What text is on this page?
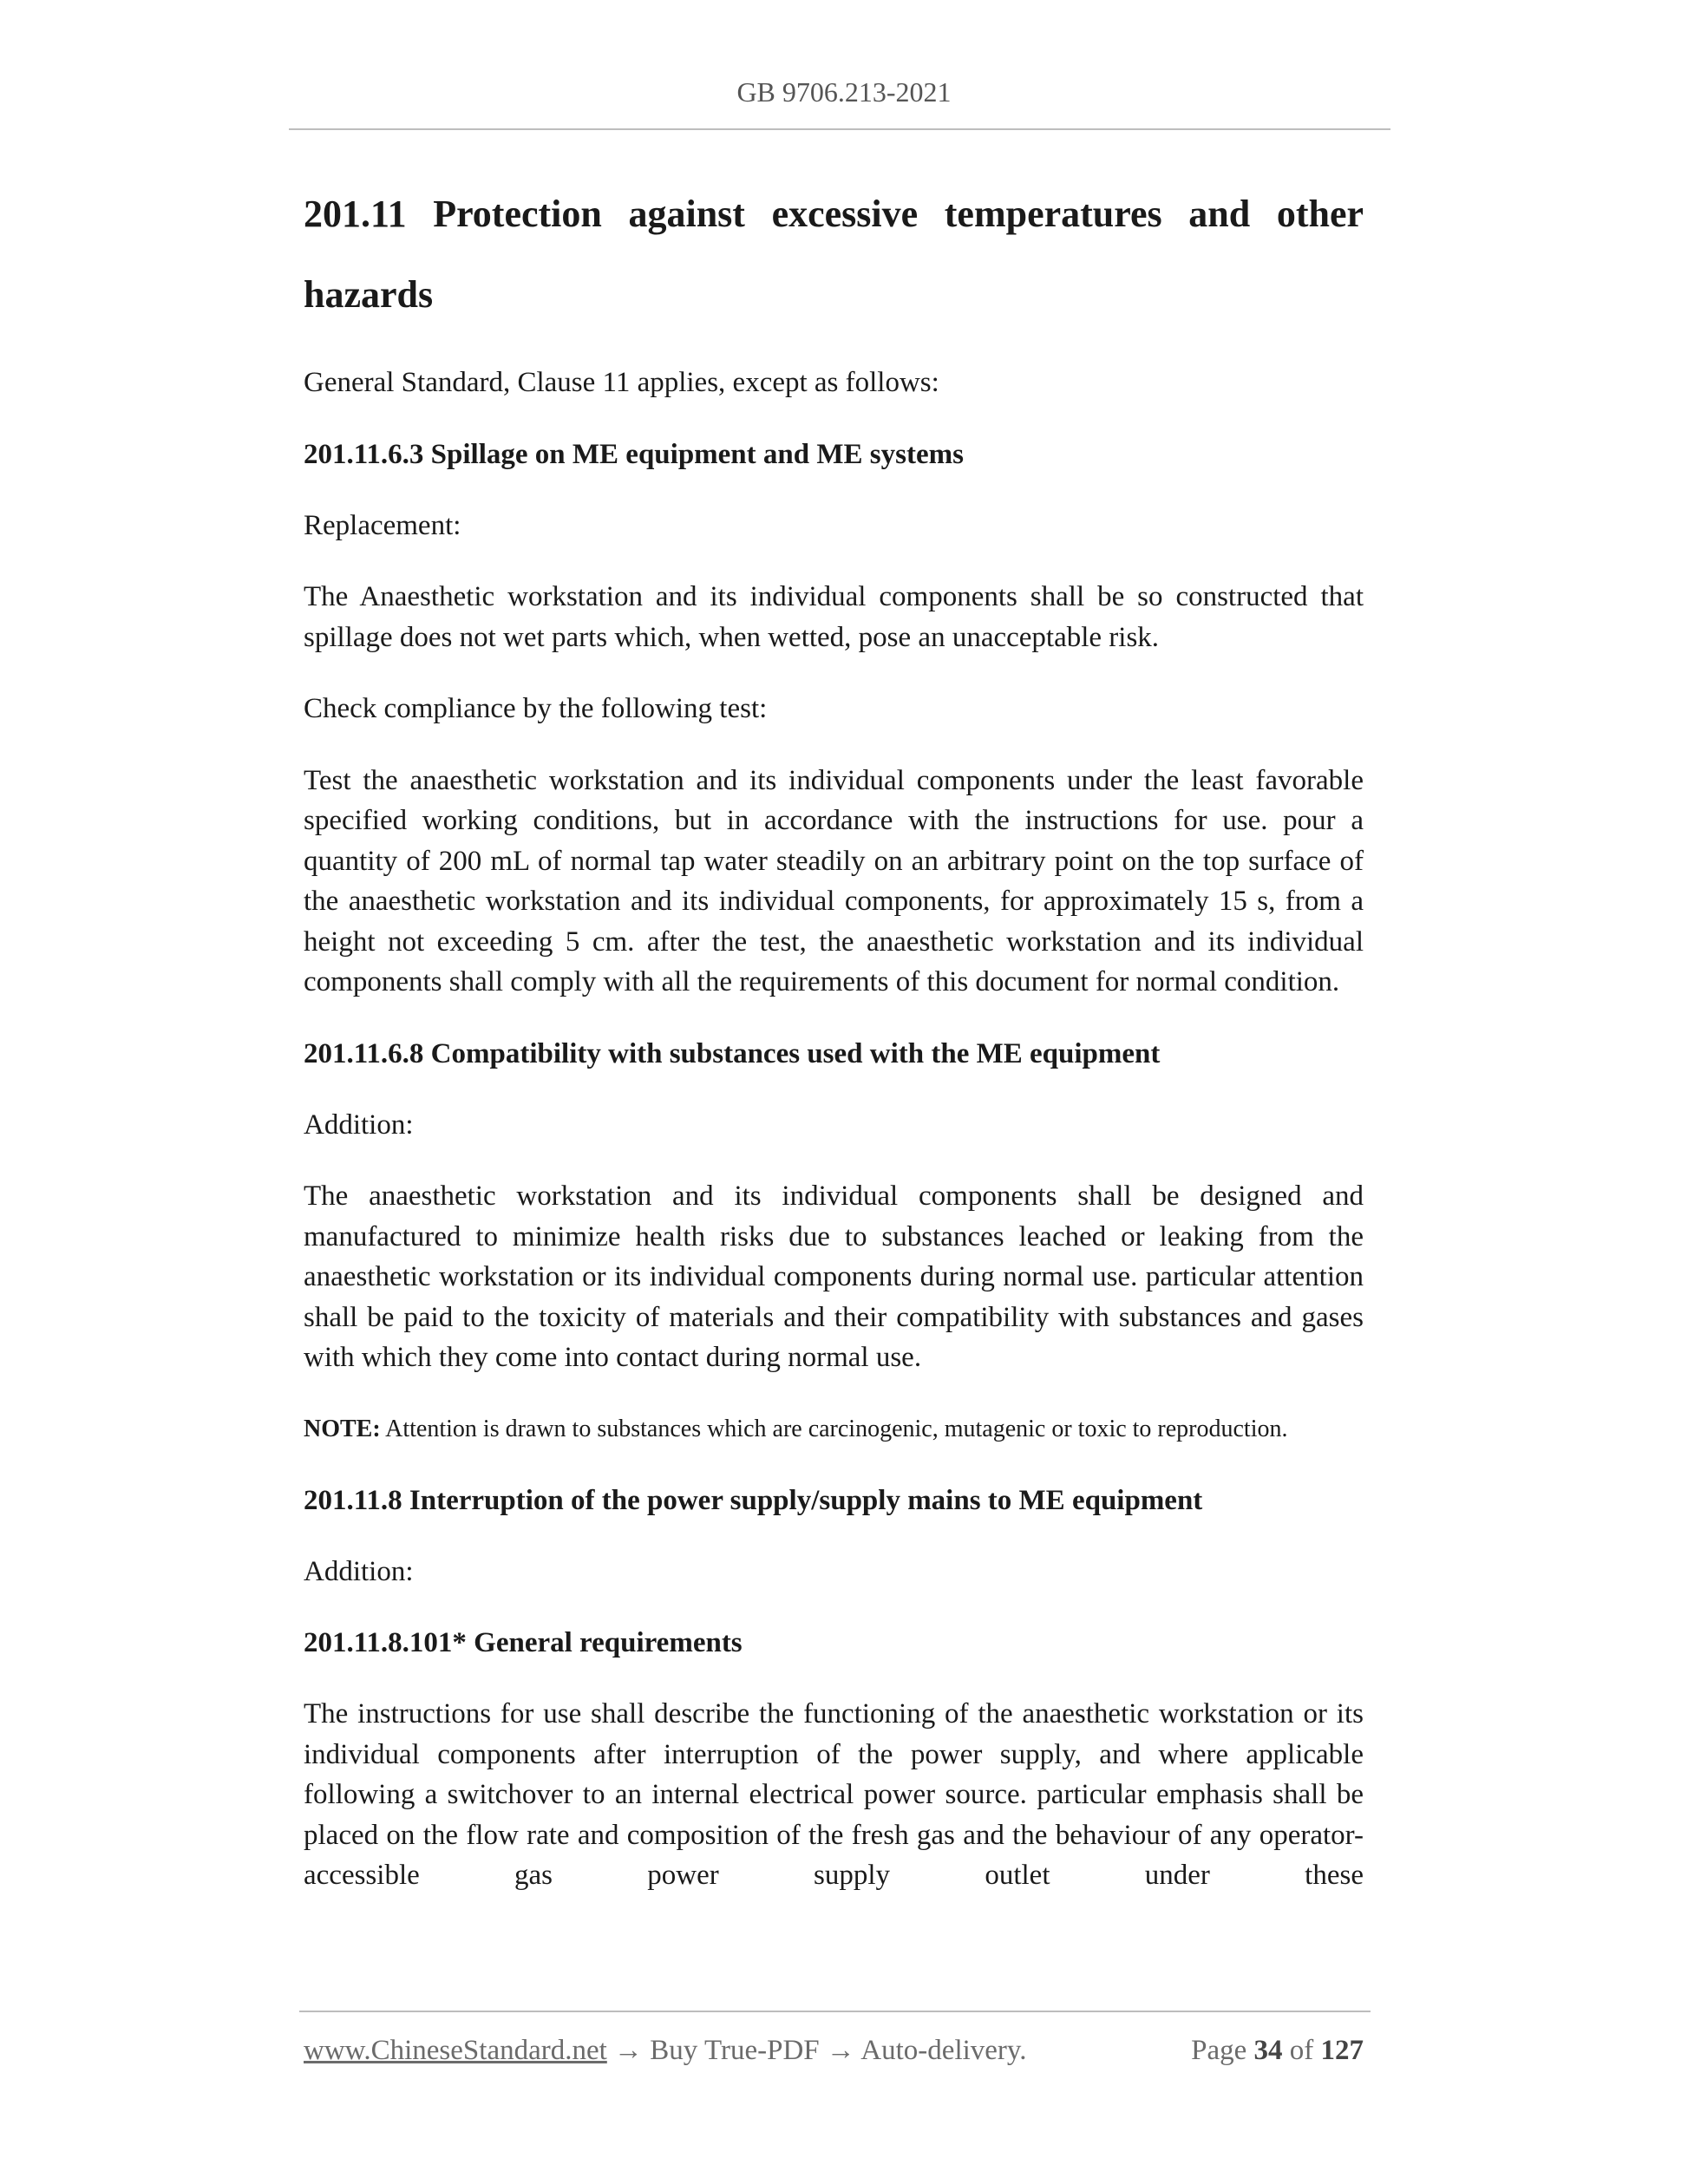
GB 9706.213-2021
201.11 Protection against excessive temperatures and other hazards

General Standard, Clause 11 applies, except as follows:

201.11.6.3 Spillage on ME equipment and ME systems

Replacement:

The Anaesthetic workstation and its individual components shall be so constructed that spillage does not wet parts which, when wetted, pose an unacceptable risk.

Check compliance by the following test:

Test the anaesthetic workstation and its individual components under the least favorable specified working conditions, but in accordance with the instructions for use. pour a quantity of 200 mL of normal tap water steadily on an arbitrary point on the top surface of the anaesthetic workstation and its individual components, for approximately 15 s, from a height not exceeding 5 cm. after the test, the anaesthetic workstation and its individual components shall comply with all the requirements of this document for normal condition.

201.11.6.8 Compatibility with substances used with the ME equipment

Addition:

The anaesthetic workstation and its individual components shall be designed and manufactured to minimize health risks due to substances leached or leaking from the anaesthetic workstation or its individual components during normal use. particular attention shall be paid to the toxicity of materials and their compatibility with substances and gases with which they come into contact during normal use.

NOTE: Attention is drawn to substances which are carcinogenic, mutagenic or toxic to reproduction.

201.11.8 Interruption of the power supply/supply mains to ME equipment

Addition:

201.11.8.101* General requirements

The instructions for use shall describe the functioning of the anaesthetic workstation or its individual components after interruption of the power supply, and where applicable following a switchover to an internal electrical power source. particular emphasis shall be placed on the flow rate and composition of the fresh gas and the behaviour of any operator-accessible gas power supply outlet under these

www.ChineseStandard.net → Buy True-PDF → Auto-delivery.	Page 34 of 127
